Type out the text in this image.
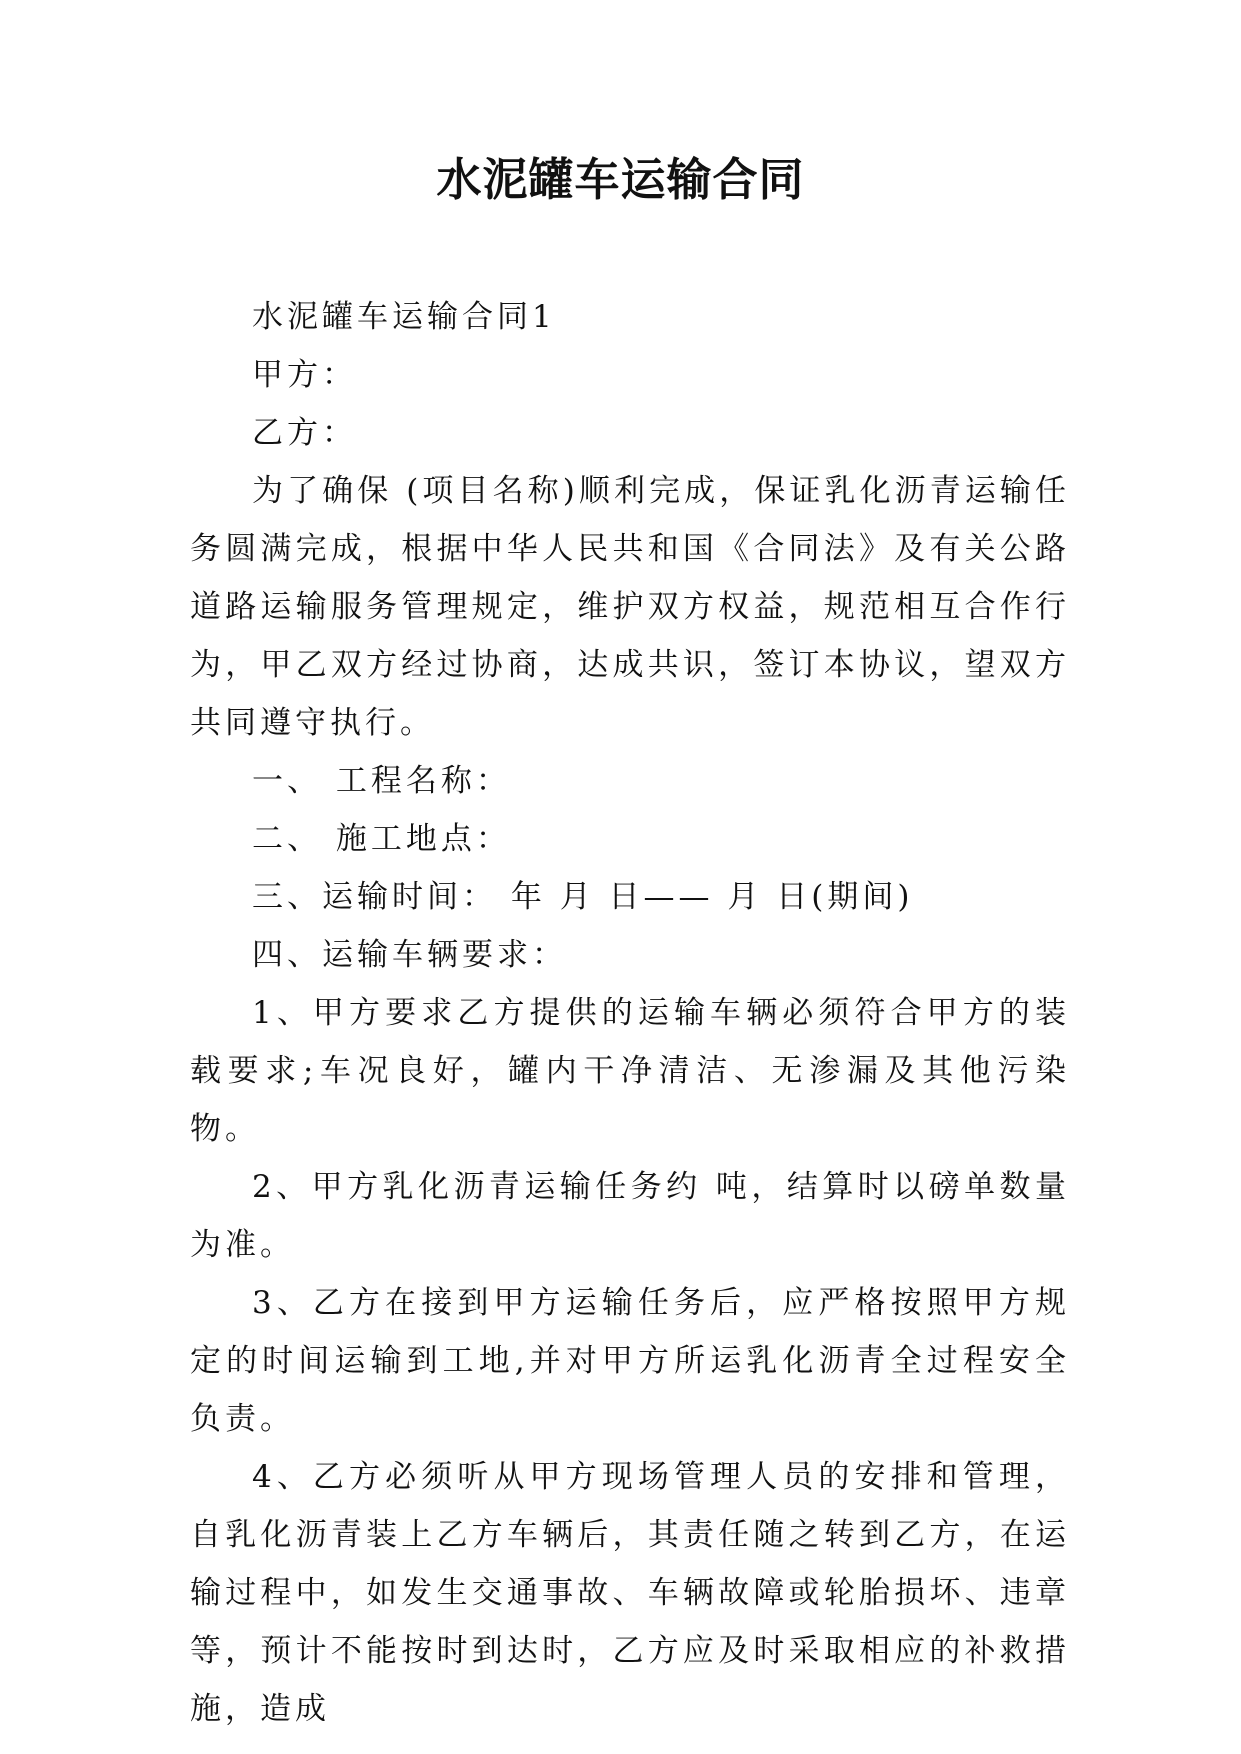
水泥罐车运输合同

水泥罐车运输合同1

甲方：

乙方：

为了确保 (项目名称)顺利完成，保证乳化沥青运输任务圆满完成，根据中华人民共和国《合同法》及有关公路道路运输服务管理规定，维护双方权益，规范相互合作行为，甲乙双方经过协商，达成共识，签订本协议，望双方共同遵守执行。

一、 工程名称：

二、 施工地点：

三、运输时间： 年 月 日—— 月 日(期间)

四、运输车辆要求：

1、甲方要求乙方提供的运输车辆必须符合甲方的装载要求;车况良好，罐内干净清洁、无渗漏及其他污染物。

2、甲方乳化沥青运输任务约 吨，结算时以磅单数量为准。

3、乙方在接到甲方运输任务后，应严格按照甲方规定的时间运输到工地,并对甲方所运乳化沥青全过程安全负责。

4、乙方必须听从甲方现场管理人员的安排和管理，自乳化沥青装上乙方车辆后，其责任随之转到乙方，在运输过程中，如发生交通事故、车辆故障或轮胎损坏、违章等，预计不能按时到达时，乙方应及时采取相应的补救措施，造成
